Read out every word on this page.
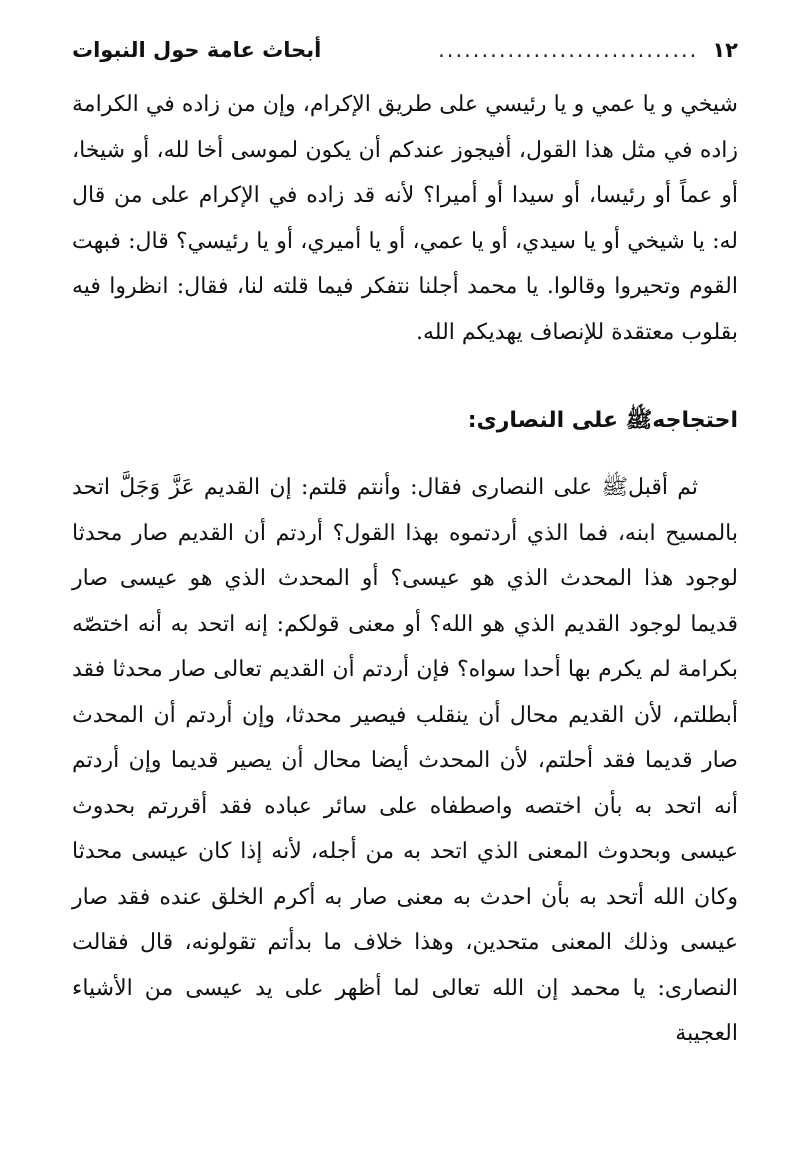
١٢
..............................
أبحاث عامة حول النبوات

شيخي و يا عمي و يا رئيسي على طريق الإكرام، وإن من زاده في الكرامة زاده في مثل هذا القول، أفيجوز عندكم أن يكون لموسى أخا لله، أو شيخا، أو عماً أو رئيسا، أو سيدا أو أميرا؟ لأنه قد زاده في الإكرام على من قال له: يا شيخي أو يا سيدي، أو يا عمي، أو يا أميري، أو يا رئيسي؟ قال: فبهت القوم وتحيروا وقالوا. يا محمد أجلنا نتفكر فيما قلته لنا، فقال: انظروا فيه بقلوب معتقدة للإنصاف يهديكم الله.

احتجاجهﷺ على النصارى:

ثم أقبلﷺ على النصارى فقال: وأنتم قلتم: إن القديم عَزَّ وَجَلَّ اتحد بالمسيح ابنه، فما الذي أردتموه بهذا القول؟ أردتم أن القديم صار محدثا لوجود هذا المحدث الذي هو عيسى؟ أو المحدث الذي هو عيسى صار قديما لوجود القديم الذي هو الله؟ أو معنى قولكم: إنه اتحد به أنه اختصّه بكرامة لم يكرم بها أحدا سواه؟ فإن أردتم أن القديم تعالى صار محدثا فقد أبطلتم، لأن القديم محال أن ينقلب فيصير محدثا، وإن أردتم أن المحدث صار قديما فقد أحلتم، لأن المحدث أيضا محال أن يصير قديما وإن أردتم أنه اتحد به بأن اختصه واصطفاه على سائر عباده فقد أقررتم بحدوث عيسى وبحدوث المعنى الذي اتحد به من أجله، لأنه إذا كان عيسى محدثا وكان الله أتحد به بأن احدث به معنى صار به أكرم الخلق عنده فقد صار عيسى وذلك المعنى متحدين، وهذا خلاف ما بدأتم تقولونه، قال فقالت النصارى: يا محمد إن الله تعالى لما أظهر على يد عيسى من الأشياء العجيبة
